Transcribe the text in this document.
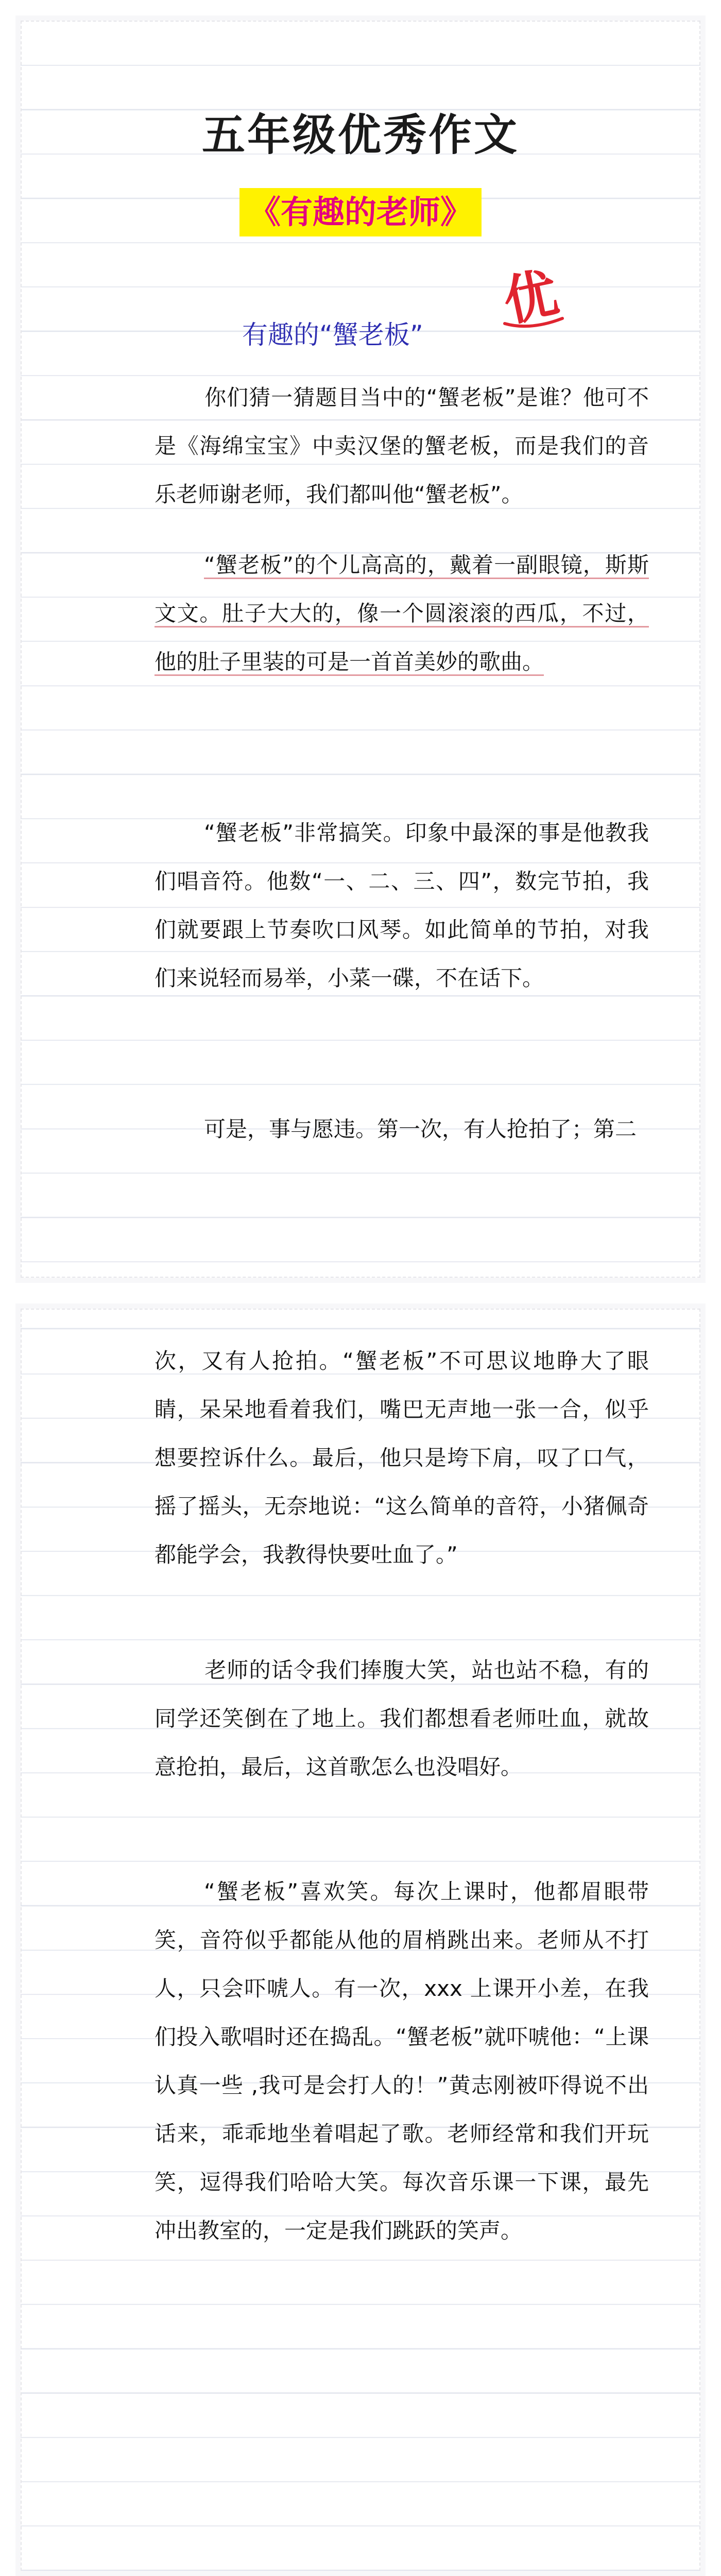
五年级优秀作文
《有趣的老师》
有趣的“蟹老板”
优

你们猜一猜题目当中的“蟹老板”是谁？他可不是《海绵宝宝》中卖汉堡的蟹老板，而是我们的音乐老师谢老师，我们都叫他“蟹老板”。

“蟹老板”的个儿高高的，戴着一副眼镜，斯斯文文。肚子大大的，像一个圆滚滚的西瓜，不过，他的肚子里装的可是一首首美妙的歌曲。

“蟹老板”非常搞笑。印象中最深的事是他教我们唱音符。他数“一、二、三、四”，数完节拍，我们就要跟上节奏吹口风琴。如此简单的节拍，对我们来说轻而易举，小菜一碟，不在话下。

可是，事与愿违。第一次，有人抢拍了；第二

次，又有人抢拍。“蟹老板”不可思议地睁大了眼睛，呆呆地看着我们，嘴巴无声地一张一合，似乎想要控诉什么。最后，他只是垮下肩，叹了口气，摇了摇头，无奈地说：“这么简单的音符，小猪佩奇都能学会，我教得快要吐血了。”

老师的话令我们捧腹大笑，站也站不稳，有的同学还笑倒在了地上。我们都想看老师吐血，就故意抢拍，最后，这首歌怎么也没唱好。

“蟹老板”喜欢笑。每次上课时，他都眉眼带笑，音符似乎都能从他的眉梢跳出来。老师从不打人，只会吓唬人。有一次，xxx 上课开小差，在我们投入歌唱时还在捣乱。“蟹老板”就吓唬他：“上课认真一些 ,我可是会打人的！”黄志刚被吓得说不出话来，乖乖地坐着唱起了歌。老师经常和我们开玩笑，逗得我们哈哈大笑。每次音乐课一下课，最先冲出教室的，一定是我们跳跃的笑声。
